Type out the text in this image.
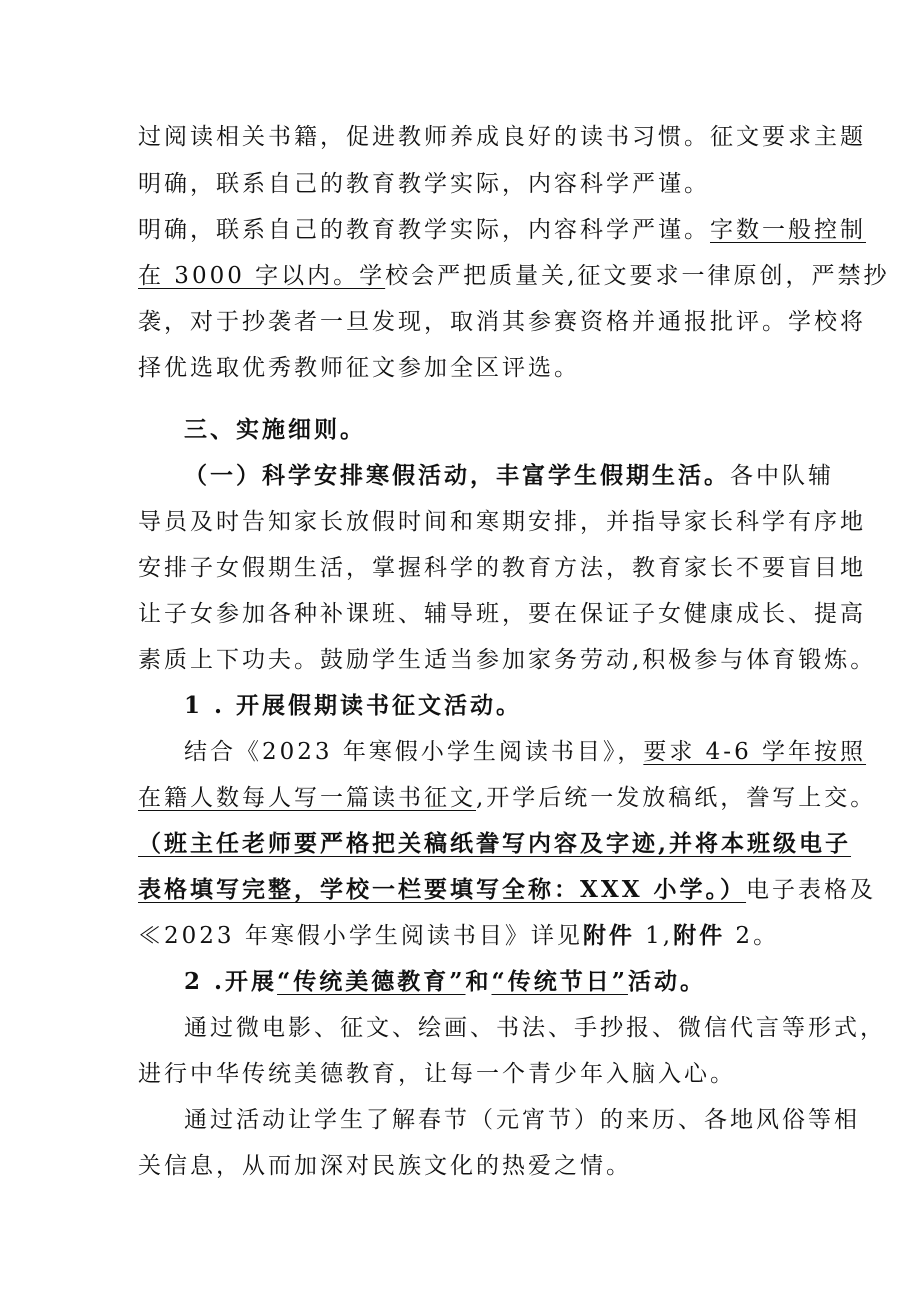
过阅读相关书籍，促进教师养成良好的读书习惯。征文要求主题

明确，联系自己的教育教学实际，内容科学严谨。

明确，联系自己的教育教学实际，内容科学严谨。字数一般控制

在 3000 字以内。学校会严把质量关,征文要求一律原创，严禁抄

袭，对于抄袭者一旦发现，取消其参赛资格并通报批评。学校将

择优选取优秀教师征文参加全区评选。

三、实施细则。

（一）科学安排寒假活动，丰富学生假期生活。各中队辅

导员及时告知家长放假时间和寒期安排，并指导家长科学有序地

安排子女假期生活，掌握科学的教育方法，教育家长不要盲目地

让子女参加各种补课班、辅导班，要在保证子女健康成长、提高

素质上下功夫。鼓励学生适当参加家务劳动,积极参与体育锻炼。

1 . 开展假期读书征文活动。

结合《2023 年寒假小学生阅读书目》，要求 4-6 学年按照

在籍人数每人写一篇读书征文,开学后统一发放稿纸，誊写上交。

（班主任老师要严格把关稿纸誊写内容及字迹,并将本班级电子

表格填写完整，学校一栏要填写全称：XXX 小学。）电子表格及

≪2023 年寒假小学生阅读书目》详见附件 1,附件 2。

2 .开展“传统美德教育”和“传统节日”活动。

通过微电影、征文、绘画、书法、手抄报、微信代言等形式，

进行中华传统美德教育，让每一个青少年入脑入心。

通过活动让学生了解春节（元宵节）的来历、各地风俗等相

关信息，从而加深对民族文化的热爱之情。
